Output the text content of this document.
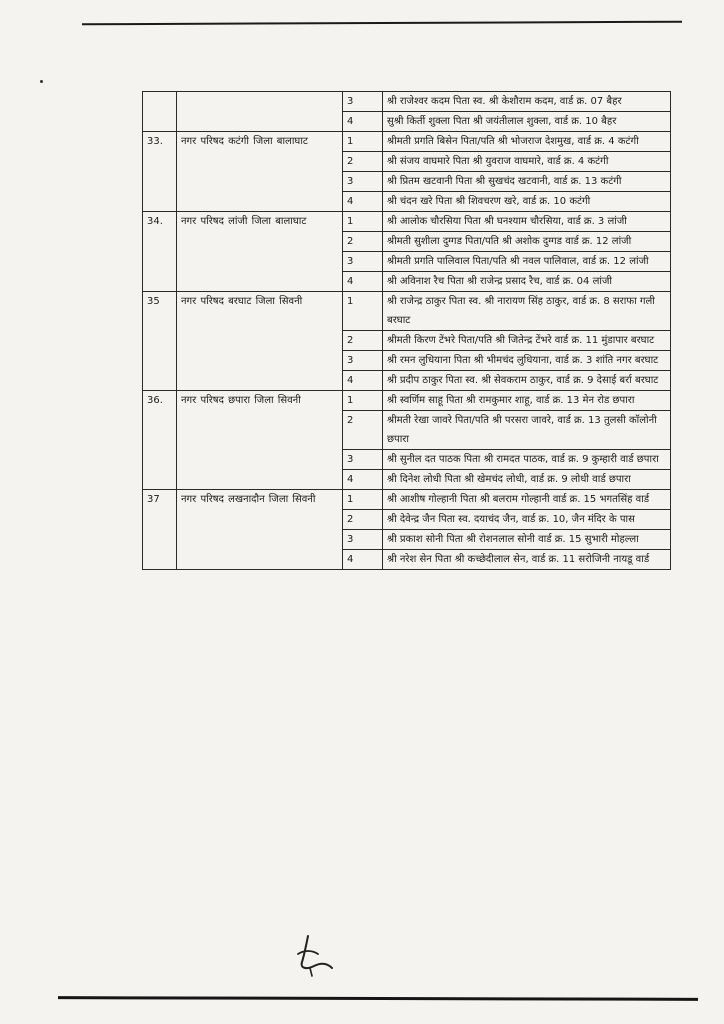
		3	श्री राजेश्वर कदम पिता स्व. श्री केशौराम कदम, वार्ड क्र. 07 बैहर
		4	सुश्री किर्ती शुक्ला पिता श्री जयंतीलाल शुक्ला, वार्ड क्र. 10 बैहर
33.	नगर परिषद कटंगी जिला बालाघाट	1	श्रीमती प्रगति बिसेन पिता/पति श्री भोजराज देशमुख, वार्ड क्र. 4 कटंगी
		2	श्री संजय वाघमारे पिता श्री युवराज वाघमारे, वार्ड क्र. 4 कटंगी
		3	श्री प्रितम खटवानी पिता श्री सुखचंद खटवानी, वार्ड क्र. 13 कटंगी
		4	श्री चंदन खरे पिता श्री शिवचरण खरे, वार्ड क्र. 10 कटंगी
34.	नगर परिषद लांजी जिला बालाघाट	1	श्री आलोक चौरसिया पिता श्री घनश्याम चौरसिया, वार्ड क्र. 3 लांजी
		2	श्रीमती सुशीला दुग्गड पिता/पति श्री अशोक दुग्गड वार्ड क्र. 12 लांजी
		3	श्रीमती प्रगति पालिवाल पिता/पति श्री नवल पालिवाल, वार्ड क्र. 12 लांजी
		4	श्री अविनाश रैच पिता श्री राजेन्द्र प्रसाद रैच, वार्ड क्र. 04 लांजी
35	नगर परिषद बरघाट जिला सिवनी	1	श्री राजेन्द्र ठाकुर पिता स्व. श्री नारायण सिंह ठाकुर, वार्ड क्र. 8 सराफा गली बरघाट
		2	श्रीमती किरण टेंभरे पिता/पति श्री जितेन्द्र टेंभरे वार्ड क्र. 11 मुंडापार बरघाट
		3	श्री रमन लुधियाना पिता श्री भीमचंद लुधियाना, वार्ड क्र. 3 शांति नगर बरघाट
		4	श्री प्रदीप ठाकुर पिता स्व. श्री सेवकराम ठाकुर, वार्ड क्र. 9 देसाई बर्रा बरघाट
36.	नगर परिषद छपारा जिला सिवनी	1	श्री स्वर्णिम साहू पिता श्री रामकुमार शाहू, वार्ड क्र. 13 मेन रोड छपारा
		2	श्रीमती रेखा जावरे पिता/पति श्री परसरा जावरे, वार्ड क्र. 13 तुलसी कॉलोनी छपारा
		3	श्री सुनील दत पाठक पिता श्री रामदत पाठक, वार्ड क्र. 9 कुम्हारी वार्ड छपारा
		4	श्री दिनेश लोधी पिता श्री खेमचंद लोधी, वार्ड क्र. 9 लोधी वार्ड छपारा
37	नगर परिषद लखनादौन जिला सिवनी	1	श्री आशीष गोल्हानी पिता श्री बलराम गोल्हानी वार्ड क्र. 15 भगतसिंह वार्ड
		2	श्री देवेन्द्र जैन पिता स्व. दयाचंद जैन, वार्ड क्र. 10, जैन मंदिर के पास
		3	श्री प्रकाश सोनी पिता श्री रोशनलाल सोनी वार्ड क्र. 15 सुभारी मोहल्ला
		4	श्री नरेश सेन पिता श्री कच्छेदीलाल सेन, वार्ड क्र. 11 सरोजिनी नायडू वार्ड
